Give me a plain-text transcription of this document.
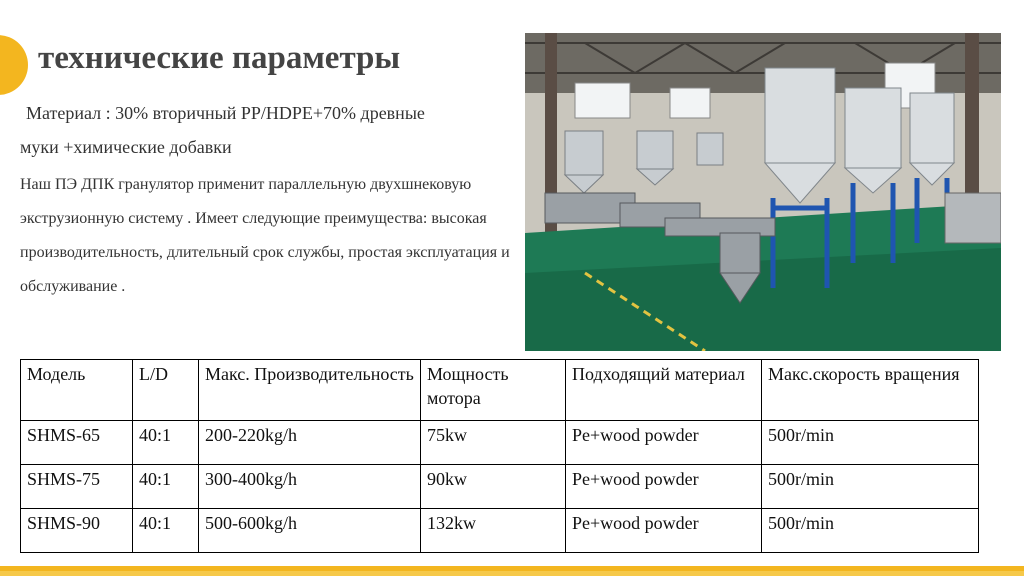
технические параметры
Материал : 30% вторичный PP/HDPE+70% древные
муки +химические добавки
Наш ПЭ ДПК гранулятор применит параллельную двухшнековую экструзионную систему . Имеет следующие преимущества: высокая производительность, длительный срок службы, простая эксплуатация и обслуживание .
Модель	L/D	Макс. Производительность	Мощность мотора	Подходящий материал	Макс.скорость вращения
SHMS-65	40:1	200-220kg/h	75kw	Pe+wood powder	500r/min
SHMS-75	40:1	300-400kg/h	90kw	Pe+wood powder	500r/min
SHMS-90	40:1	500-600kg/h	132kw	Pe+wood powder	500r/min
